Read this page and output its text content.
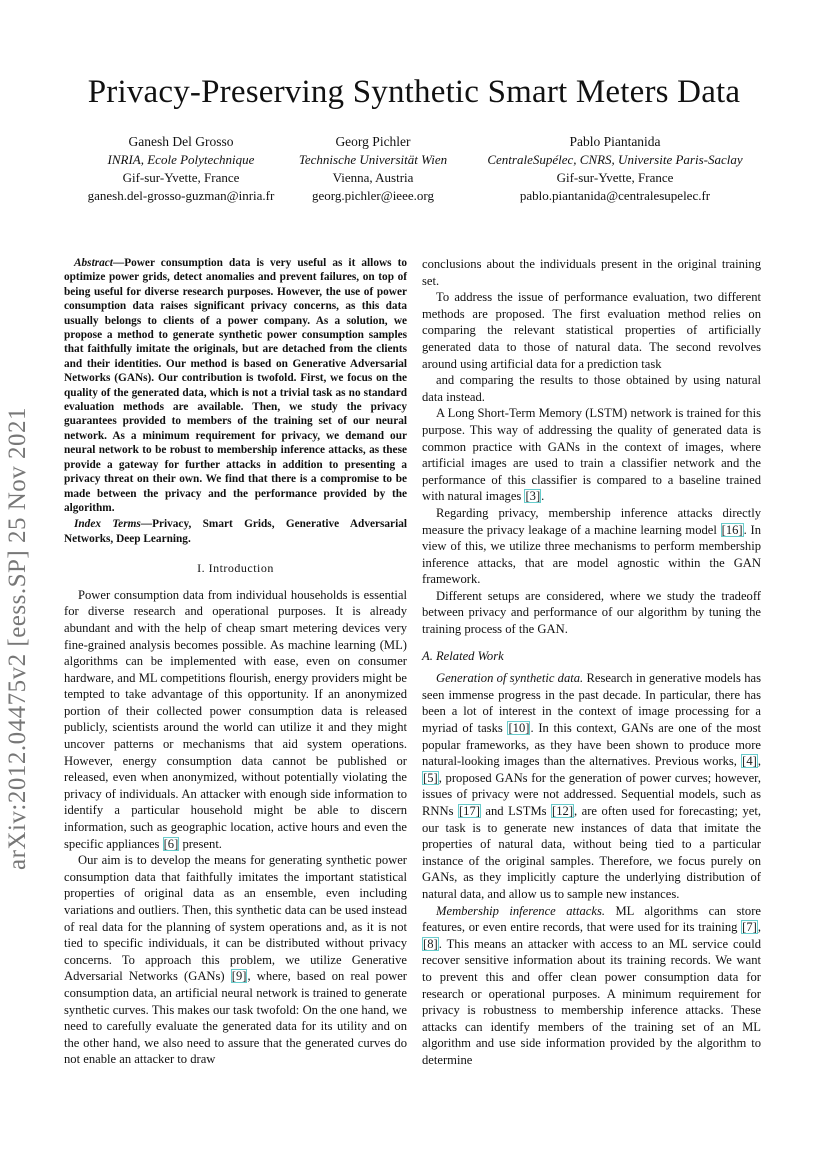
Privacy-Preserving Synthetic Smart Meters Data
Ganesh Del Grosso
INRIA, Ecole Polytechnique
Gif-sur-Yvette, France
ganesh.del-grosso-guzman@inria.fr
Georg Pichler
Technische Universität Wien
Vienna, Austria
georg.pichler@ieee.org
Pablo Piantanida
CentraleSupélec, CNRS, Universite Paris-Saclay
Gif-sur-Yvette, France
pablo.piantanida@centralesupelec.fr
arXiv:2012.04475v2 [eess.SP] 25 Nov 2021
Abstract—Power consumption data is very useful as it allows to optimize power grids, detect anomalies and prevent failures, on top of being useful for diverse research purposes. However, the use of power consumption data raises significant privacy concerns, as this data usually belongs to clients of a power company. As a solution, we propose a method to generate synthetic power consumption samples that faithfully imitate the originals, but are detached from the clients and their identities. Our method is based on Generative Adversarial Networks (GANs). Our contribution is twofold. First, we focus on the quality of the generated data, which is not a trivial task as no standard evaluation methods are available. Then, we study the privacy guarantees provided to members of the training set of our neural network. As a minimum requirement for privacy, we demand our neural network to be robust to membership inference attacks, as these provide a gateway for further attacks in addition to presenting a privacy threat on their own. We find that there is a compromise to be made between the privacy and the performance provided by the algorithm.
Index Terms—Privacy, Smart Grids, Generative Adversarial Networks, Deep Learning.
I. Introduction

Power consumption data from individual households is essential for diverse research and operational purposes. It is already abundant and with the help of cheap smart metering devices very fine-grained analysis becomes possible. As machine learning (ML) algorithms can be implemented with ease, even on consumer hardware, and ML competitions flourish, energy providers might be tempted to take advantage of this opportunity. If an anonymized portion of their collected power consumption data is released publicly, scientists around the world can utilize it and they might uncover patterns or mechanisms that aid system operations. However, energy consumption data cannot be published or released, even when anonymized, without potentially violating the privacy of individuals. An attacker with enough side information to identify a particular household might be able to discern information, such as geographic location, active hours and even the specific appliances [6] present.

Our aim is to develop the means for generating synthetic power consumption data that faithfully imitates the important statistical properties of original data as an ensemble, even including variations and outliers. Then, this synthetic data can be used instead of real data for the planning of system operations and, as it is not tied to specific individuals, it can be distributed without privacy concerns. To approach this problem, we utilize Generative Adversarial Networks (GANs) [9], where, based on real power consumption data, an artificial neural network is trained to generate synthetic curves. This makes our task twofold: On the one hand, we need to carefully evaluate the generated data for its utility and on the other hand, we also need to assure that the generated curves do not enable an attacker to draw

conclusions about the individuals present in the original training set.

To address the issue of performance evaluation, two different methods are proposed. The first evaluation method relies on comparing the relevant statistical properties of artificially generated data to those of natural data. The second revolves around using artificial data for a prediction task

and comparing the results to those obtained by using natural data instead.

A Long Short-Term Memory (LSTM) network is trained for this purpose. This way of addressing the quality of generated data is common practice with GANs in the context of images, where artificial images are used to train a classifier network and the performance of this classifier is compared to a baseline trained with natural images [3].

Regarding privacy, membership inference attacks directly measure the privacy leakage of a machine learning model [16]. In view of this, we utilize three mechanisms to perform membership inference attacks, that are model agnostic within the GAN framework.

Different setups are considered, where we study the tradeoff between privacy and performance of our algorithm by tuning the training process of the GAN.

A. Related Work

Generation of synthetic data. Research in generative models has seen immense progress in the past decade. In particular, there has been a lot of interest in the context of image processing for a myriad of tasks [10]. In this context, GANs are one of the most popular frameworks, as they have been shown to produce more natural-looking images than the alternatives. Previous works, [4], [5], proposed GANs for the generation of power curves; however, issues of privacy were not addressed. Sequential models, such as RNNs [17] and LSTMs [12], are often used for forecasting; yet, our task is to generate new instances of data that imitate the properties of natural data, without being tied to a particular instance of the original samples. Therefore, we focus purely on GANs, as they implicitly capture the underlying distribution of natural data, and allow us to sample new instances.

Membership inference attacks. ML algorithms can store features, or even entire records, that were used for its training [7], [8]. This means an attacker with access to an ML service could recover sensitive information about its training records. We want to prevent this and offer clean power consumption data for research or operational purposes. A minimum requirement for privacy is robustness to membership inference attacks. These attacks can identify members of the training set of an ML algorithm and use side information provided by the algorithm to determine
